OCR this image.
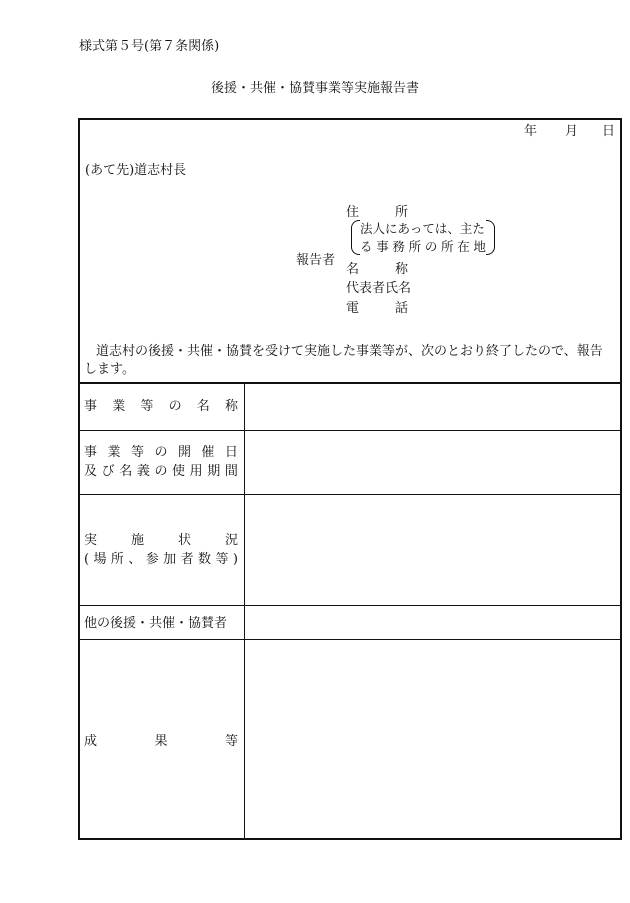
様式第５号(第７条関係)
後援・共催・協賛事業等実施報告書
年 月 日
(あて先)道志村長
報告者
住	所
法人にあっては、主た
る 事 務 所 の 所 在 地
名	称
代表者氏名
電	話
道志村の後援・共催・協賛を受けて実施した事業等が、次のとおり終了したので、報告
します。
事 業 等 の 名 称
事 業 等 の 開 催 日
及 び 名 義 の 使 用 期 間
実	施	状	況
( 場 所 、 参 加 者 数 等 )
他の後援・共催・協賛者
成	果	等
